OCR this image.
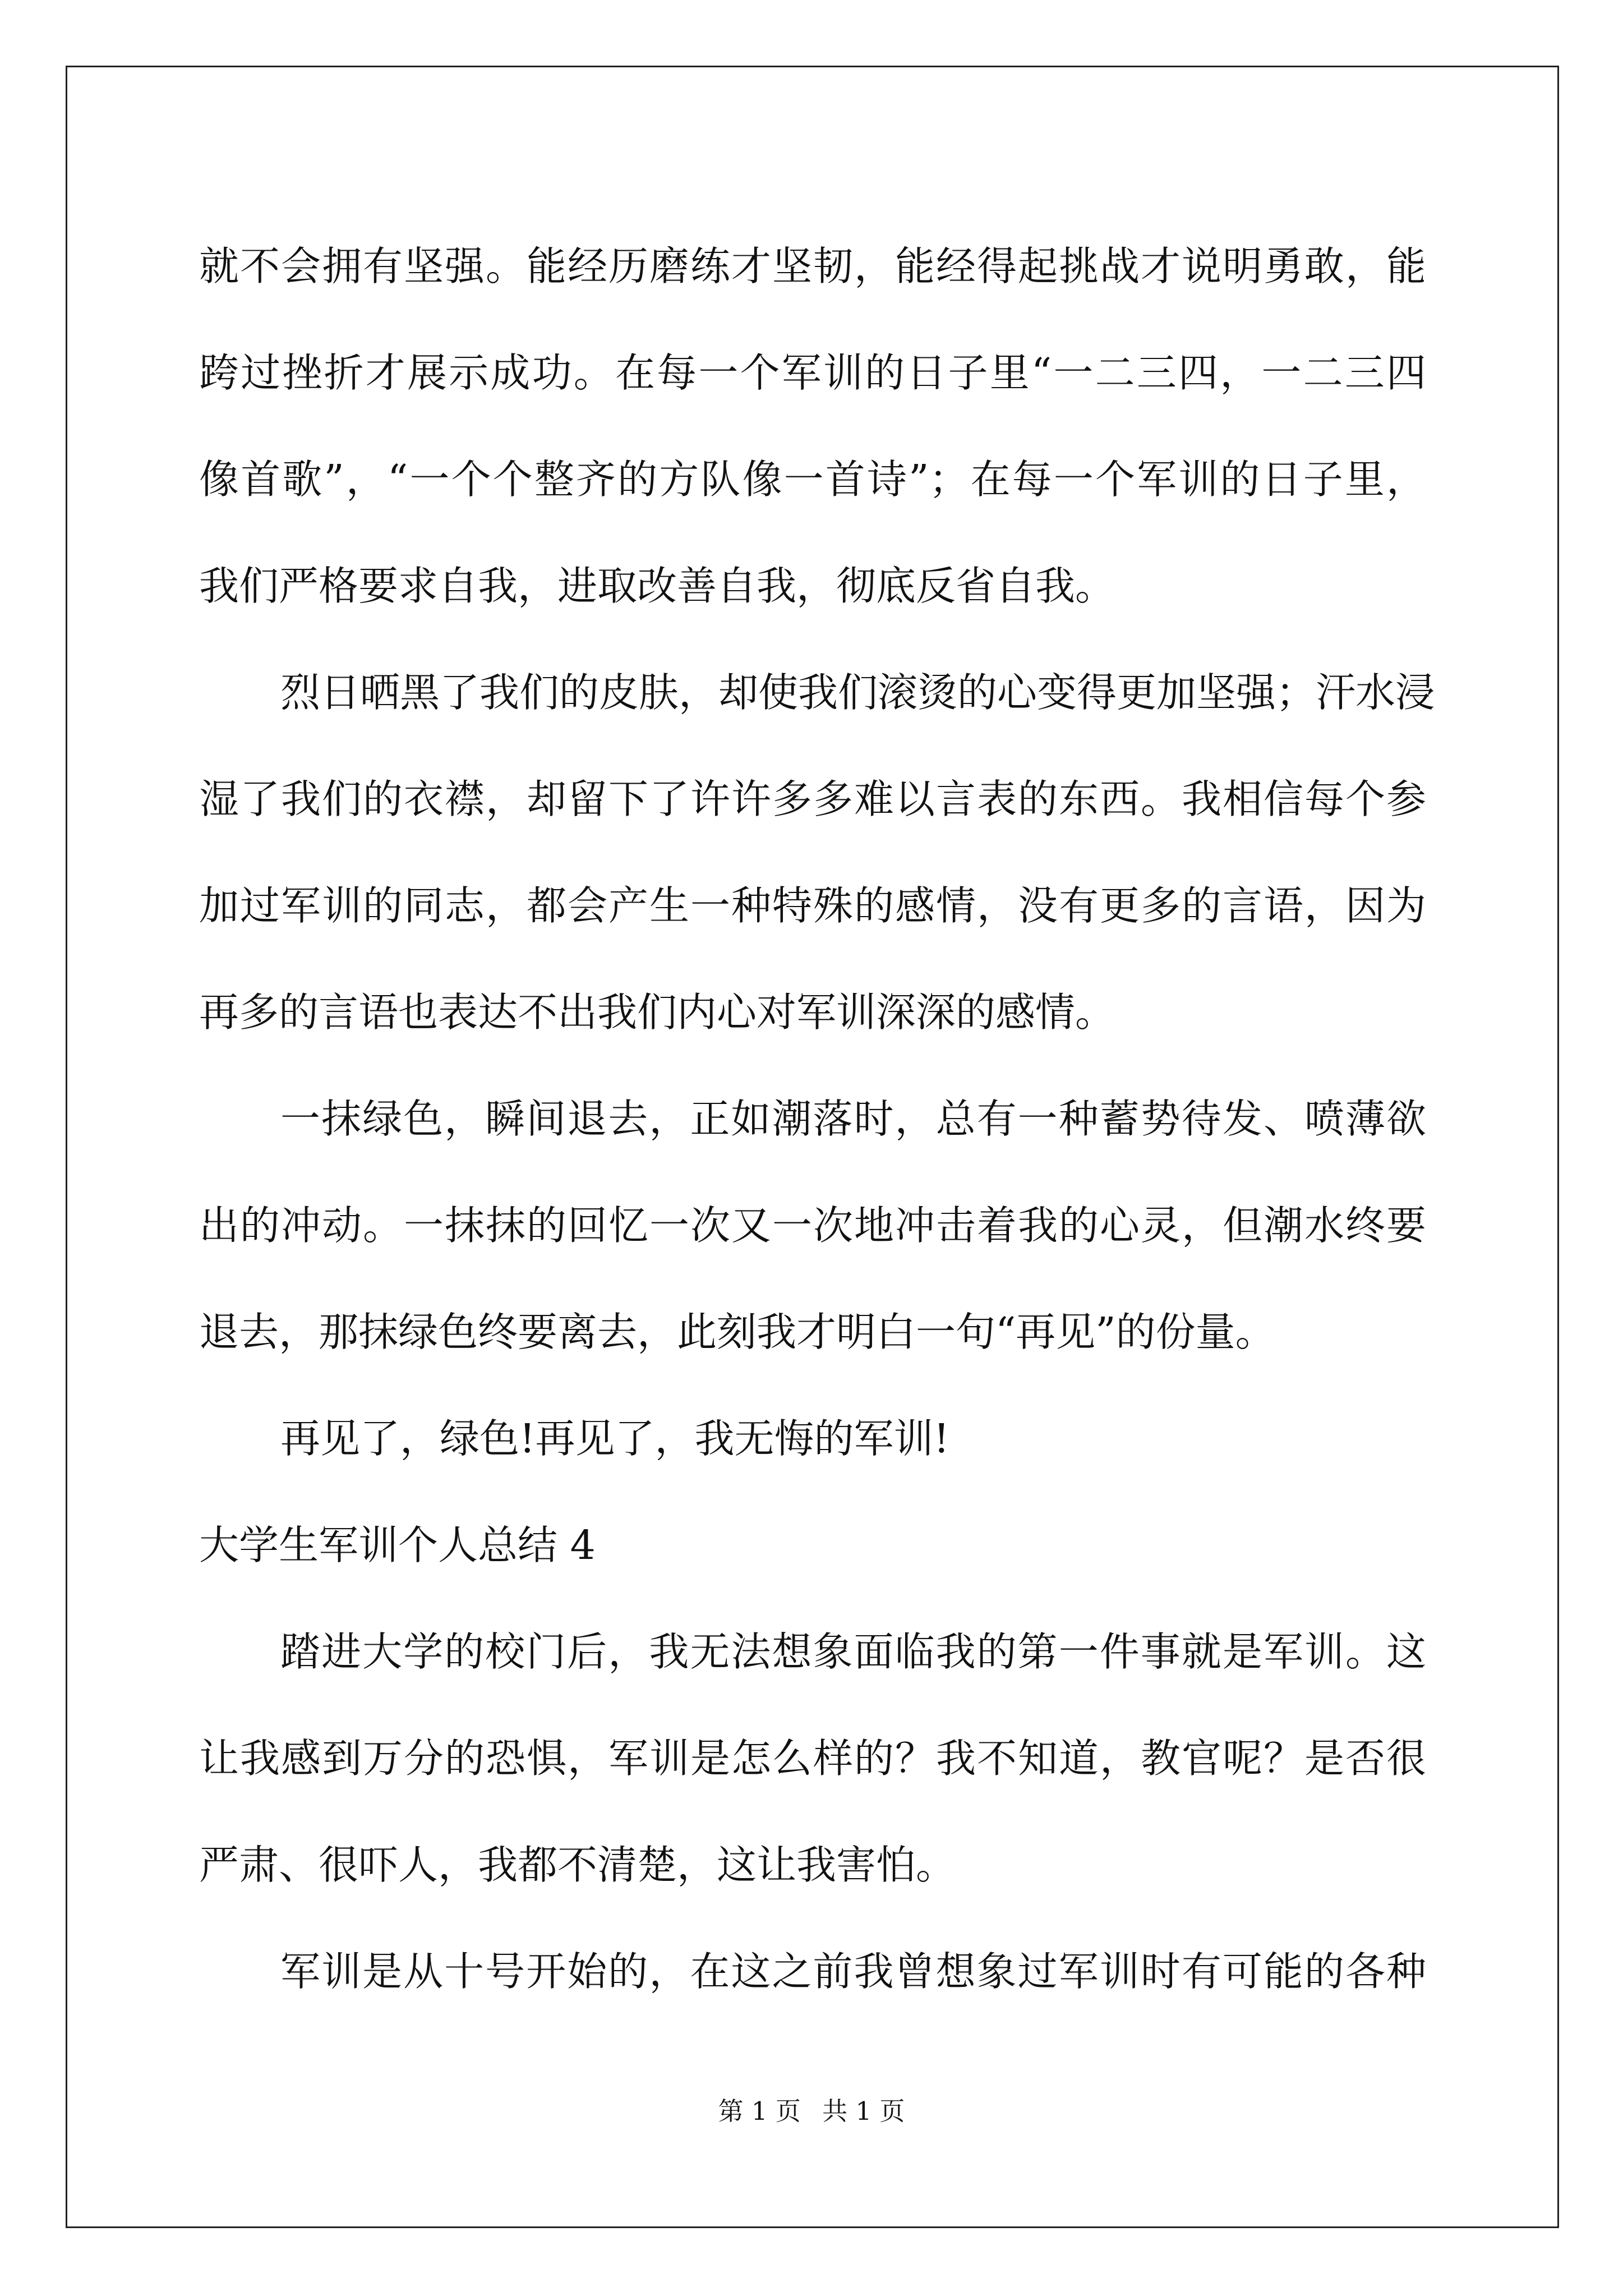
就不会拥有坚强。能经历磨练才坚韧，能经得起挑战才说明勇敢，能
跨过挫折才展示成功。在每一个军训的日子里“一二三四，一二三四
像首歌”，“一个个整齐的方队像一首诗”；在每一个军训的日子里，
我们严格要求自我，进取改善自我，彻底反省自我。
烈日晒黑了我们的皮肤，却使我们滚烫的心变得更加坚强；汗水浸
湿了我们的衣襟，却留下了许许多多难以言表的东西。我相信每个参
加过军训的同志，都会产生一种特殊的感情，没有更多的言语，因为
再多的言语也表达不出我们内心对军训深深的感情。
一抹绿色，瞬间退去，正如潮落时，总有一种蓄势待发、喷薄欲
出的冲动。一抹抹的回忆一次又一次地冲击着我的心灵，但潮水终要
退去，那抹绿色终要离去，此刻我才明白一句“再见”的份量。
再见了，绿色!再见了，我无悔的军训!
大学生军训个人总结 4
踏进大学的校门后，我无法想象面临我的第一件事就是军训。这
让我感到万分的恐惧，军训是怎么样的？我不知道，教官呢？是否很
严肃、很吓人，我都不清楚，这让我害怕。
军训是从十号开始的，在这之前我曾想象过军训时有可能的各种
第 1 页 共 1 页
